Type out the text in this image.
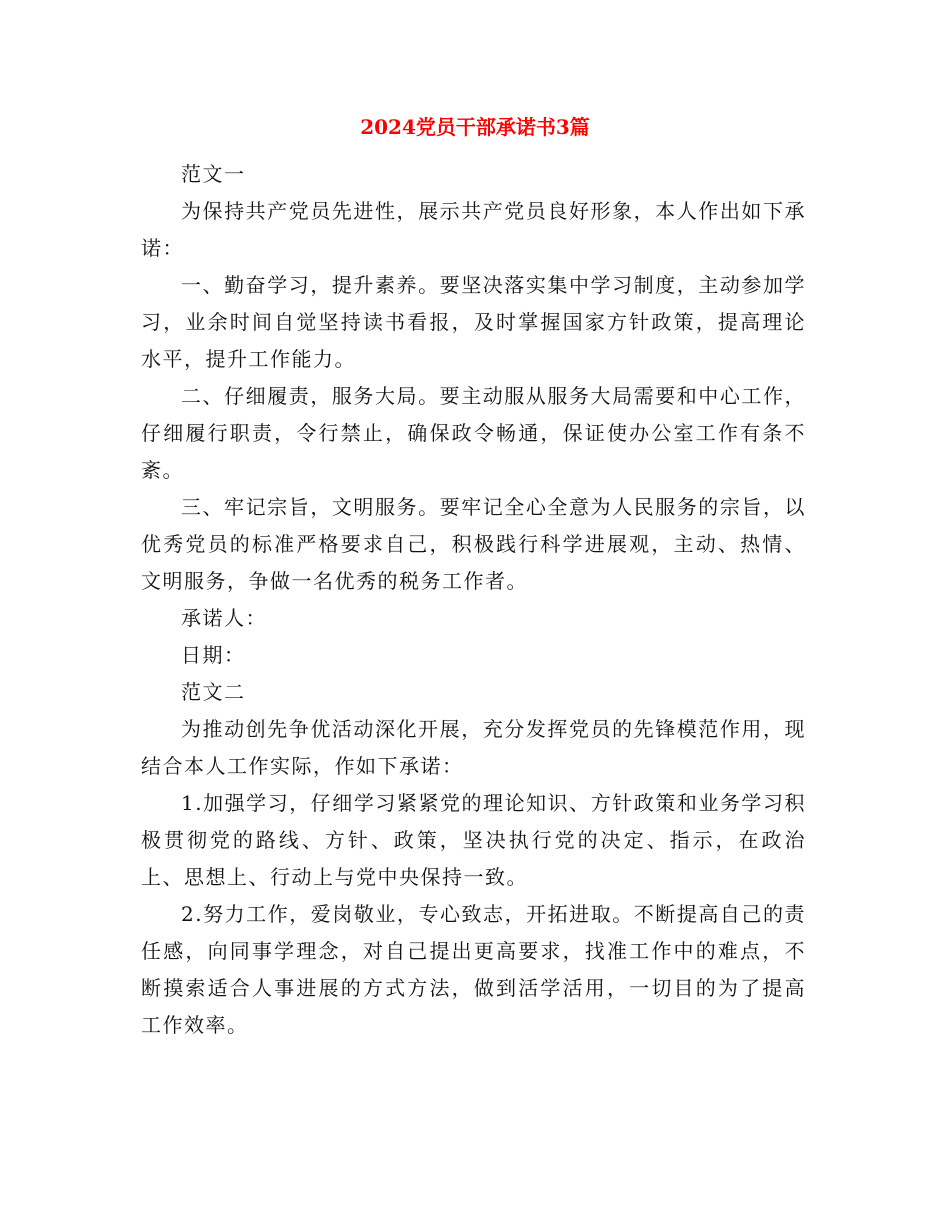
2024党员干部承诺书3篇

范文一

为保持共产党员先进性，展示共产党员良好形象，本人作出如下承诺：

一、勤奋学习，提升素养。要坚决落实集中学习制度，主动参加学习，业余时间自觉坚持读书看报，及时掌握国家方针政策，提高理论水平，提升工作能力。

二、仔细履责，服务大局。要主动服从服务大局需要和中心工作，仔细履行职责，令行禁止，确保政令畅通，保证使办公室工作有条不紊。

三、牢记宗旨，文明服务。要牢记全心全意为人民服务的宗旨，以优秀党员的标准严格要求自己，积极践行科学进展观，主动、热情、文明服务，争做一名优秀的税务工作者。

承诺人：

日期：

范文二

为推动创先争优活动深化开展，充分发挥党员的先锋模范作用，现结合本人工作实际，作如下承诺：

1.加强学习，仔细学习紧紧党的理论知识、方针政策和业务学习积极贯彻党的路线、方针、政策，坚决执行党的决定、指示，在政治上、思想上、行动上与党中央保持一致。

2.努力工作，爱岗敬业，专心致志，开拓进取。不断提高自己的责任感，向同事学理念，对自己提出更高要求，找准工作中的难点，不断摸索适合人事进展的方式方法，做到活学活用，一切目的为了提高工作效率。
